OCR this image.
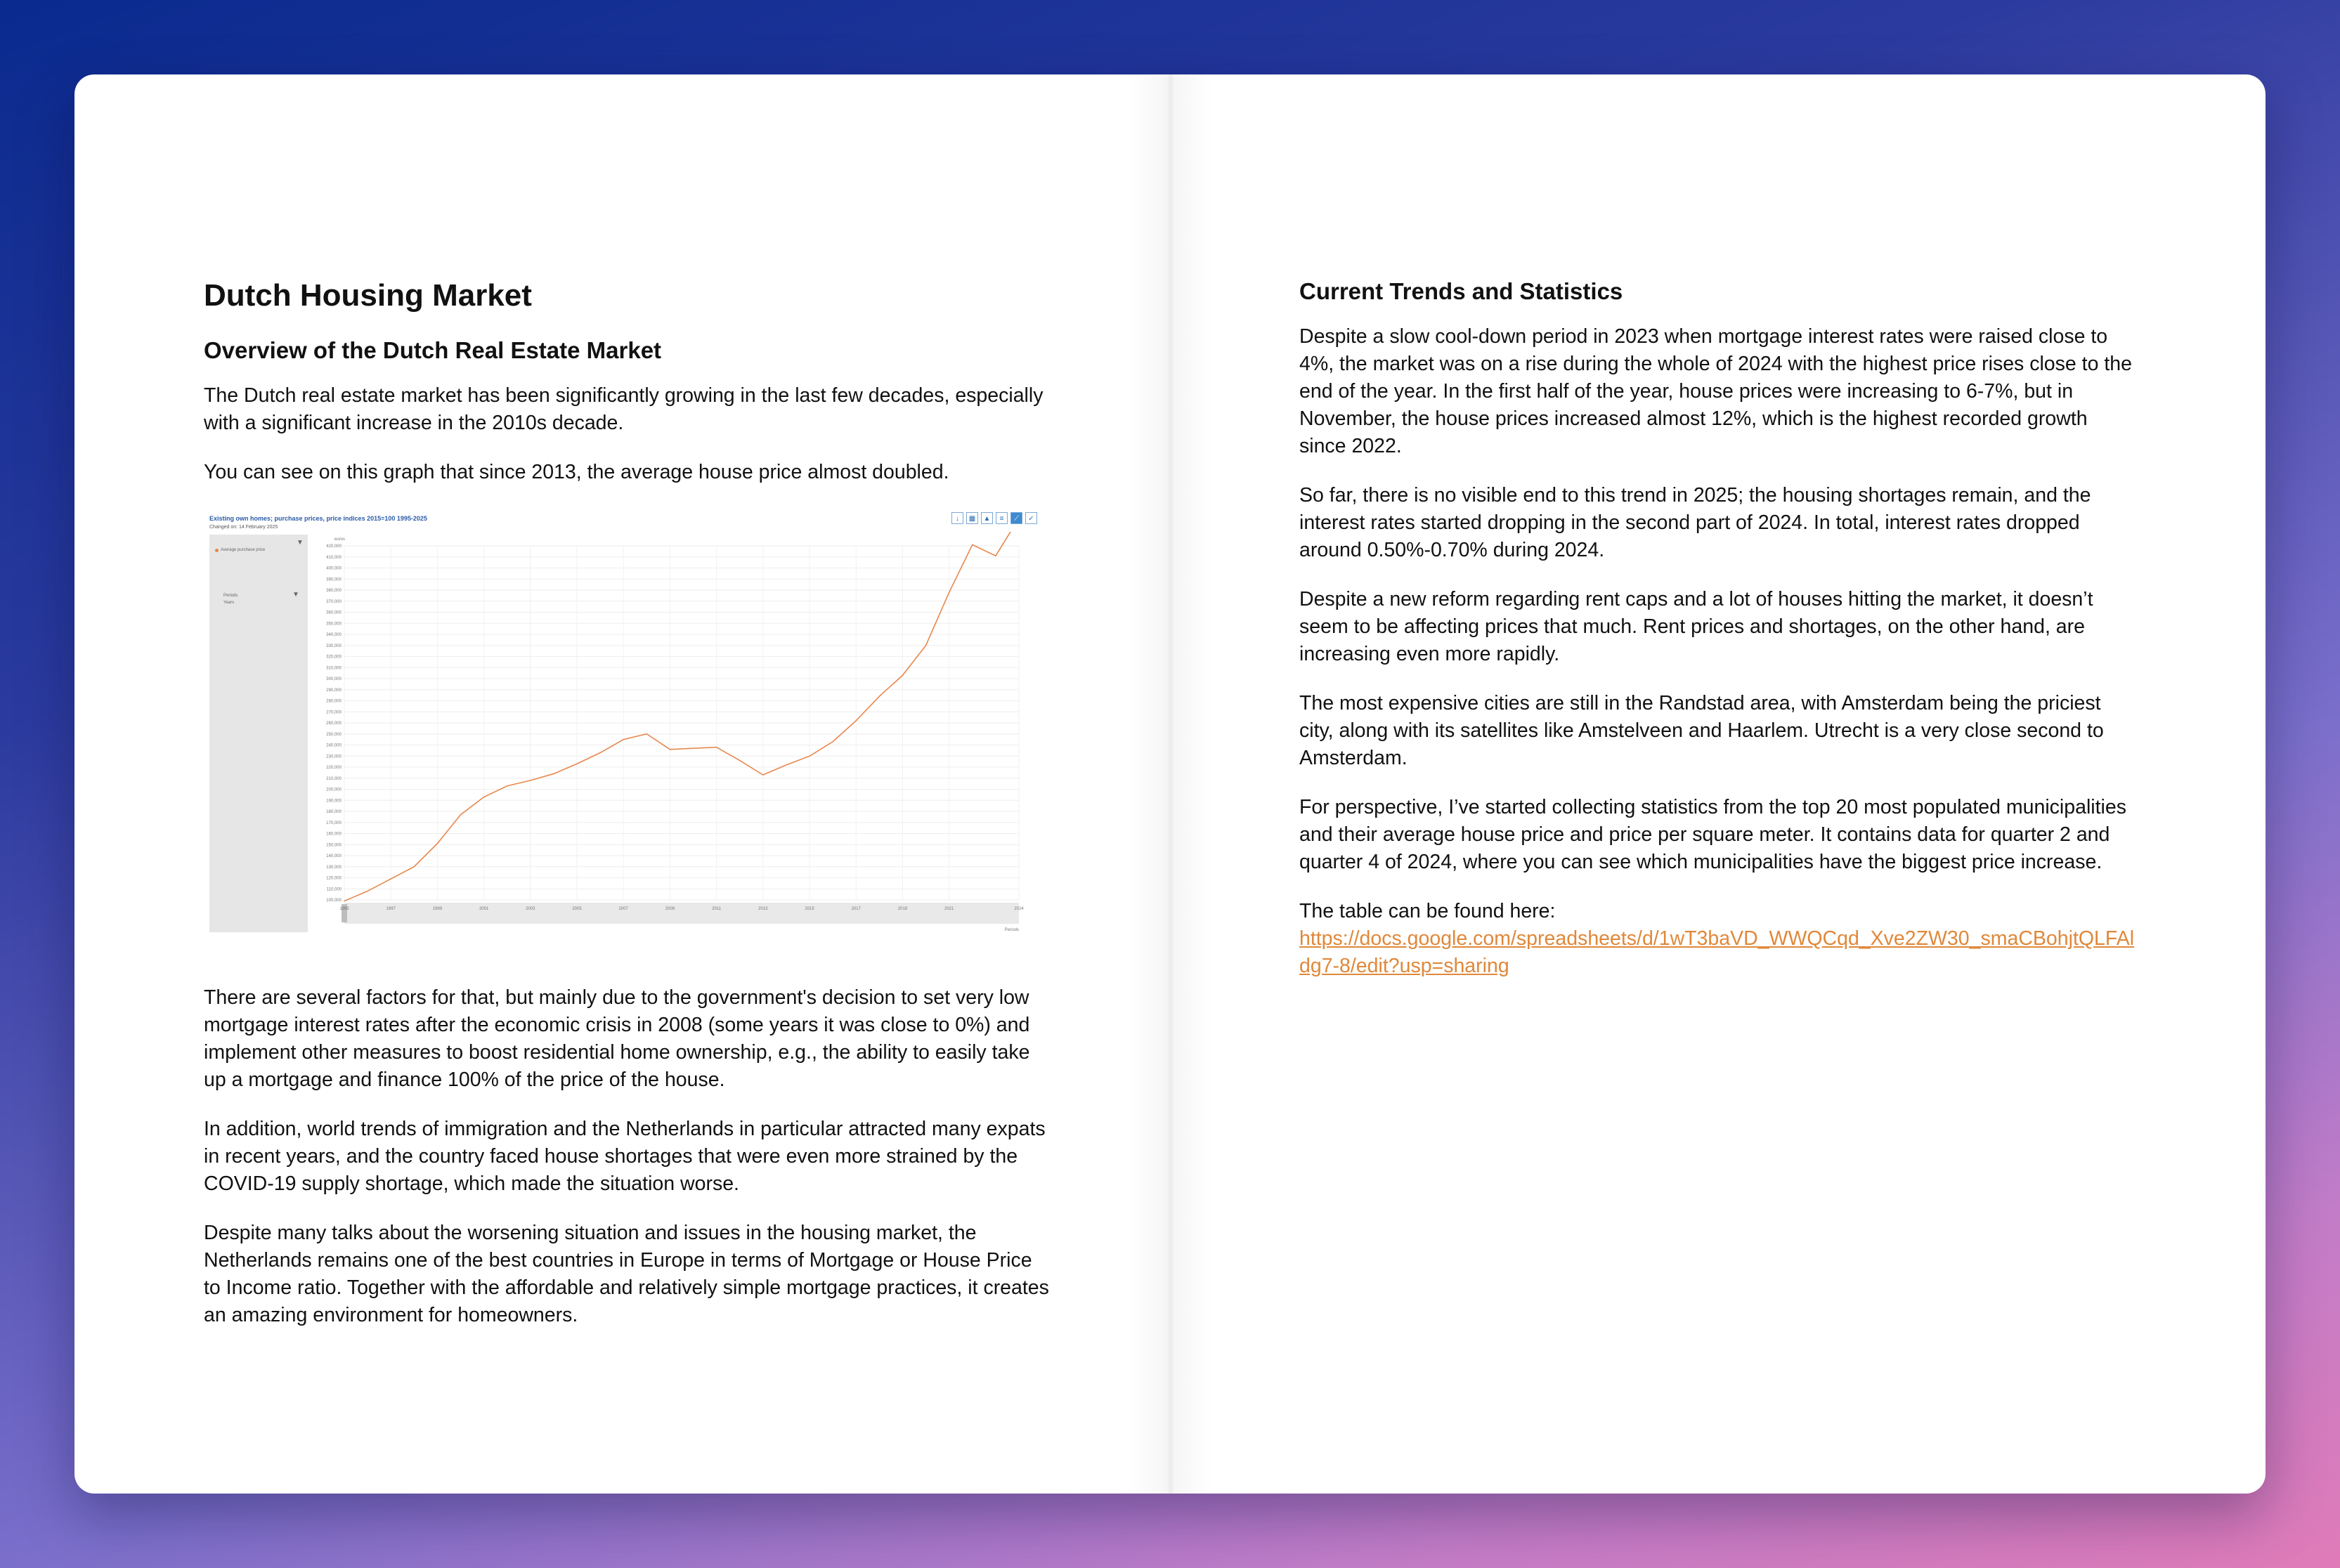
Dutch Housing Market
Overview of the Dutch Real Estate Market

The Dutch real estate market has been significantly growing in the last few decades, especially with a significant increase in the 2010s decade.

You can see on this graph that since 2013, the average house price almost doubled.

Existing own homes; purchase prices, price indices 2015=100 1995-2025
Changed on: 14 February 2025
↓	▦	▲	≡	⟋	✓
Average purchase price
Periods
Years
▼
▼
100,000
110,000
120,000
130,000
140,000
150,000
160,000
170,000
180,000
190,000
200,000
210,000
220,000
230,000
240,000
250,000
260,000
270,000
280,000
290,000
300,000
310,000
320,000
330,000
340,000
350,000
360,000
370,000
380,000
390,000
400,000
410,000
420,000
euros
1995	1997	1999	2001	2003	2005	2007	2009	2011	2013	2015	2017	2019	2021	2024
Periods

There are several factors for that, but mainly due to the government's decision to set very low mortgage interest rates after the economic crisis in 2008 (some years it was close to 0%) and implement other measures to boost residential home ownership, e.g., the ability to easily take up a mortgage and finance 100% of the price of the house.

In addition, world trends of immigration and the Netherlands in particular attracted many expats in recent years, and the country faced house shortages that were even more strained by the COVID-19 supply shortage, which made the situation worse.

Despite many talks about the worsening situation and issues in the housing market, the Netherlands remains one of the best countries in Europe in terms of Mortgage or House Price to Income ratio. Together with the affordable and relatively simple mortgage practices, it creates an amazing environment for homeowners.

Current Trends and Statistics

Despite a slow cool-down period in 2023 when mortgage interest rates were raised close to 4%, the market was on a rise during the whole of 2024 with the highest price rises close to the end of the year. In the first half of the year, house prices were increasing to 6-7%, but in November, the house prices increased almost 12%, which is the highest recorded growth since 2022.

So far, there is no visible end to this trend in 2025; the housing shortages remain, and the interest rates started dropping in the second part of 2024. In total, interest rates dropped around 0.50%-0.70% during 2024.

Despite a new reform regarding rent caps and a lot of houses hitting the market, it doesn’t seem to be affecting prices that much. Rent prices and shortages, on the other hand, are increasing even more rapidly.

The most expensive cities are still in the Randstad area, with Amsterdam being the priciest city, along with its satellites like Amstelveen and Haarlem. Utrecht is a very close second to Amsterdam.

For perspective, I’ve started collecting statistics from the top 20 most populated municipalities and their average house price and price per square meter. It contains data for quarter 2 and quarter 4 of 2024, where you can see which municipalities have the biggest price increase.

The table can be found here:
https://docs.google.com/spreadsheets/d/1wT3baVD_WWQCqd_Xve2ZW30_smaCBohjtQLFAldg7-8/edit?usp=sharing
